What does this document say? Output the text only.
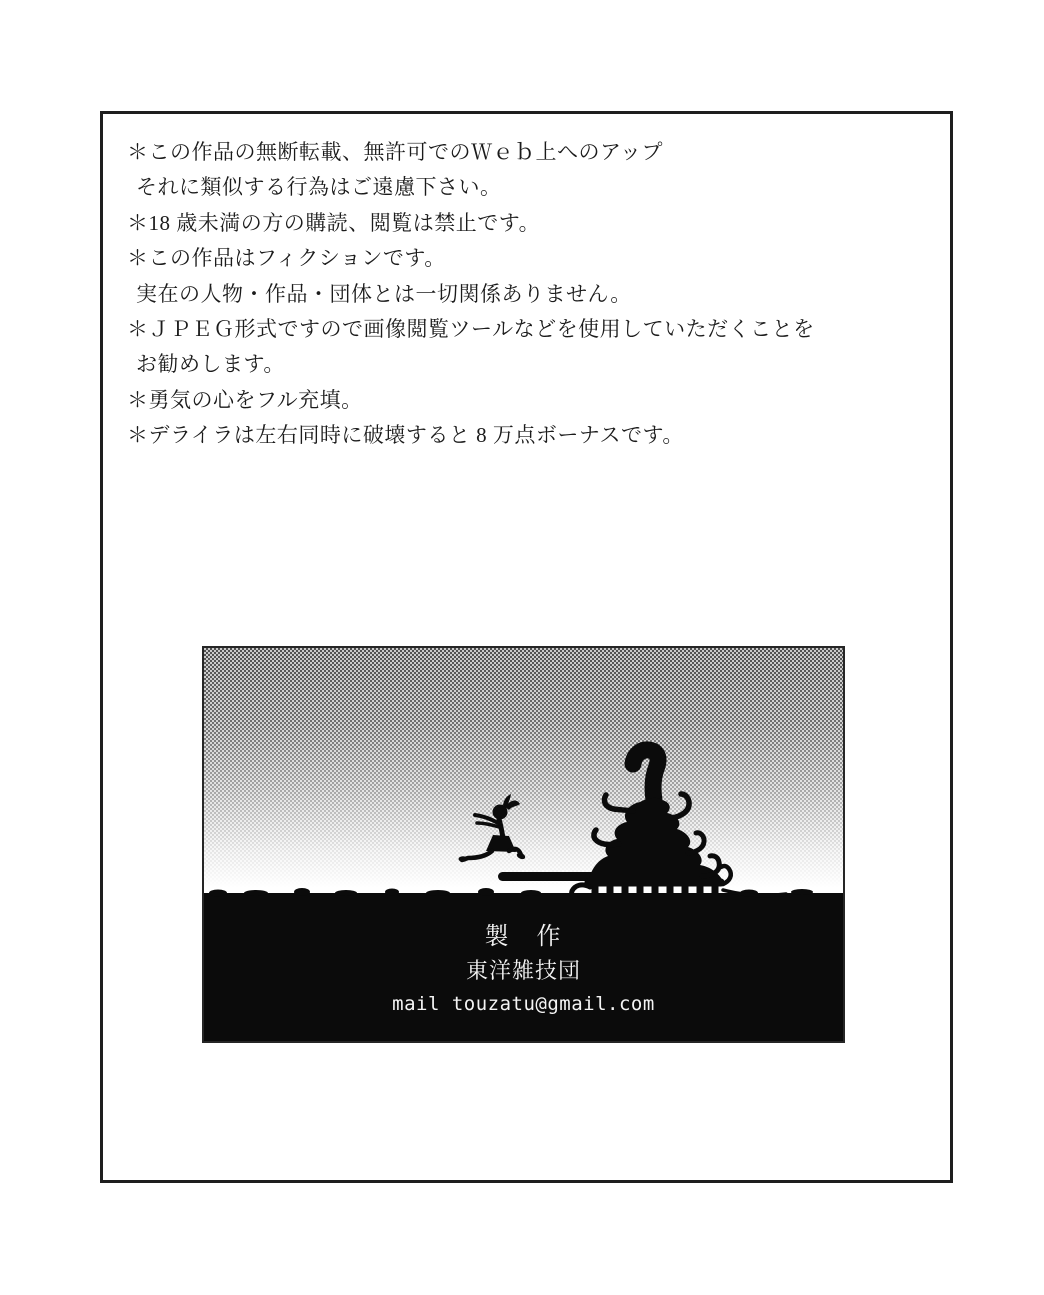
＊この作品の無断転載、無許可でのＷｅｂ上へのアップ
それに類似する行為はご遠慮下さい。
＊18 歳未満の方の購読、閲覧は禁止です。
＊この作品はフィクションです。
実在の人物・作品・団体とは一切関係ありません。
＊ＪＰＥＧ形式ですので画像閲覧ツールなどを使用していただくことを
お勧めします。
＊勇気の心をフル充填。
＊デライラは左右同時に破壊すると 8 万点ボーナスです。
製　作
東洋雑技団
mail touzatu@gmail.com
